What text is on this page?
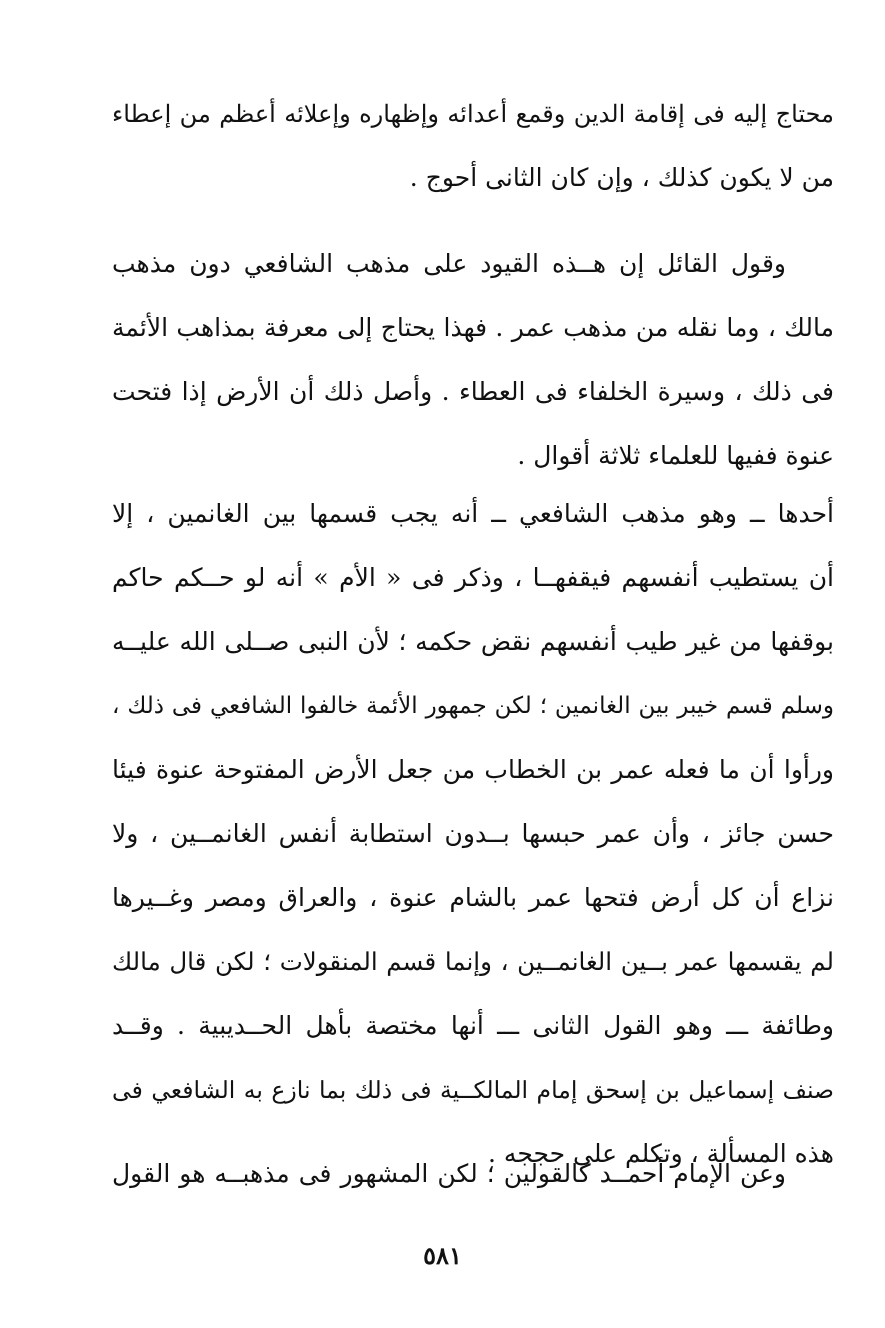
محتاج إليه فى إقامة الدين وقمع أعدائه وإظهاره وإعلائه أعظم من إعطاء
من لا يكون كذلك ، وإن كان الثانى أحوج .
وقول القائل إن هــذه القيود على مذهب الشافعي دون مذهب
مالك ، وما نقله من مذهب عمر . فهذا يحتاج إلى معرفة بمذاهب الأئمة
فى ذلك ، وسيرة الخلفاء فى العطاء . وأصل ذلك أن الأرض إذا فتحت
عنوة ففيها للعلماء ثلاثة أقوال .
أحدها ــ وهو مذهب الشافعي ــ أنه يجب قسمها بين الغانمين ، إلا
أن يستطيب أنفسهم فيقفهــا ، وذكر فى « الأم » أنه لو حــكم حاكم
بوقفها من غير طيب أنفسهم نقض حكمه ؛ لأن النبى صــلى الله عليــه
وسلم قسم خيبر بين الغانمين ؛ لكن جمهور الأئمة خالفوا الشافعي فى ذلك ،
ورأوا أن ما فعله عمر بن الخطاب من جعل الأرض المفتوحة عنوة فيئا
حسن جائز ، وأن عمر حبسها بــدون استطابة أنفس الغانمــين ، ولا
نزاع أن كل أرض فتحها عمر بالشام عنوة ، والعراق ومصر وغــيرها
لم يقسمها عمر بــين الغانمــين ، وإنما قسم المنقولات ؛ لكن قال مالك
وطائفة ـــ وهو القول الثانى ـــ أنها مختصة بأهل الحــديبية . وقــد
صنف إسماعيل بن إسحق إمام المالكــية فى ذلك بما نازع به الشافعي فى
هذه المسألة ، وتكلم على حججه .
وعن الإمام أحمــد كالقولين ؛ لكن المشهور فى مذهبــه هو القول
٥٨١
